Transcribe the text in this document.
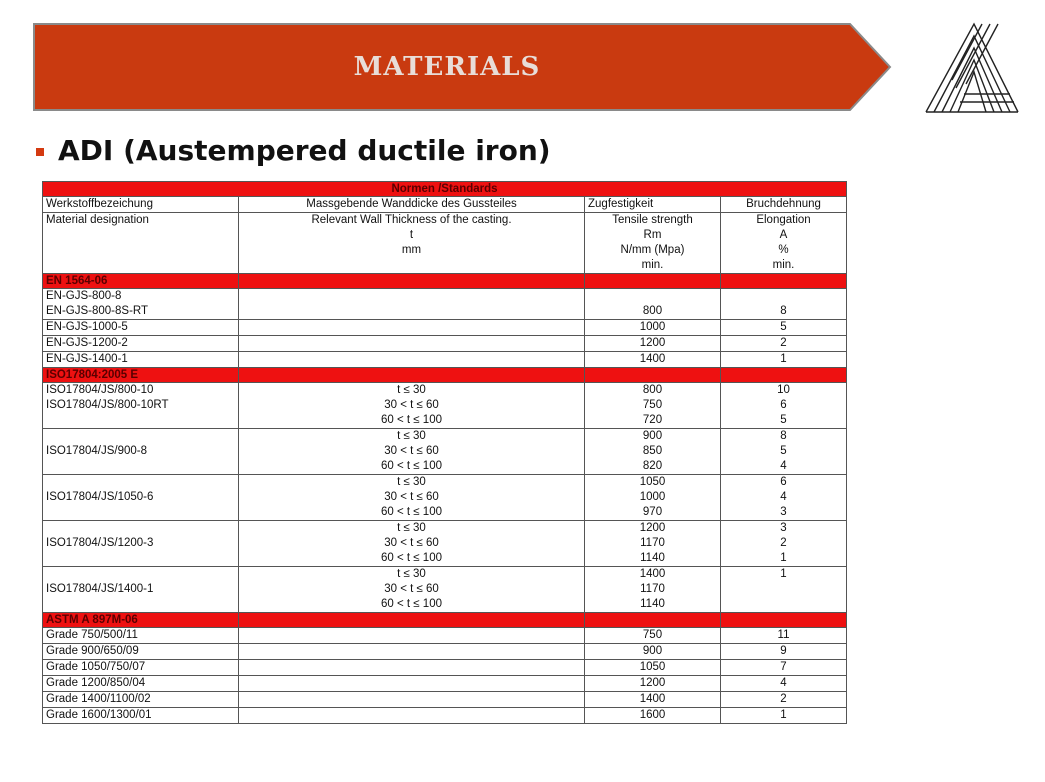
MATERIALS
ADI (Austempered ductile iron)
Normen /Standards			
Werkstoffbezeichung	Massgebende Wanddicke des Gussteiles	Zugfestigkeit	Bruchdehnung
Material designation	Relevant Wall Thickness of the casting.	Tensile strength	Elongation
	t	Rm	A
	mm	N/mm (Mpa)	%
		min.	min.
EN 1564-06			
EN-GJS-800-8			
EN-GJS-800-8S-RT		800	8
EN-GJS-1000-5		1000	5
EN-GJS-1200-2		1200	2
EN-GJS-1400-1		1400	1
ISO17804:2005 E			
ISO17804/JS/800-10	t ≤ 30	800	10
ISO17804/JS/800-10RT	30 < t ≤ 60	750	6
	60 < t ≤ 100	720	5
	t ≤ 30	900	8
ISO17804/JS/900-8	30 < t ≤ 60	850	5
	60 < t ≤ 100	820	4
	t ≤ 30	1050	6
ISO17804/JS/1050-6	30 < t ≤ 60	1000	4
	60 < t ≤ 100	970	3
	t ≤ 30	1200	3
ISO17804/JS/1200-3	30 < t ≤ 60	1170	2
	60 < t ≤ 100	1140	1
	t ≤ 30	1400	1
ISO17804/JS/1400-1	30 < t ≤ 60	1170	
	60 < t ≤ 100	1140	
ASTM A 897M-06			
Grade 750/500/11		750	11
Grade 900/650/09		900	9
Grade 1050/750/07		1050	7
Grade 1200/850/04		1200	4
Grade 1400/1100/02		1400	2
Grade 1600/1300/01		1600	1
